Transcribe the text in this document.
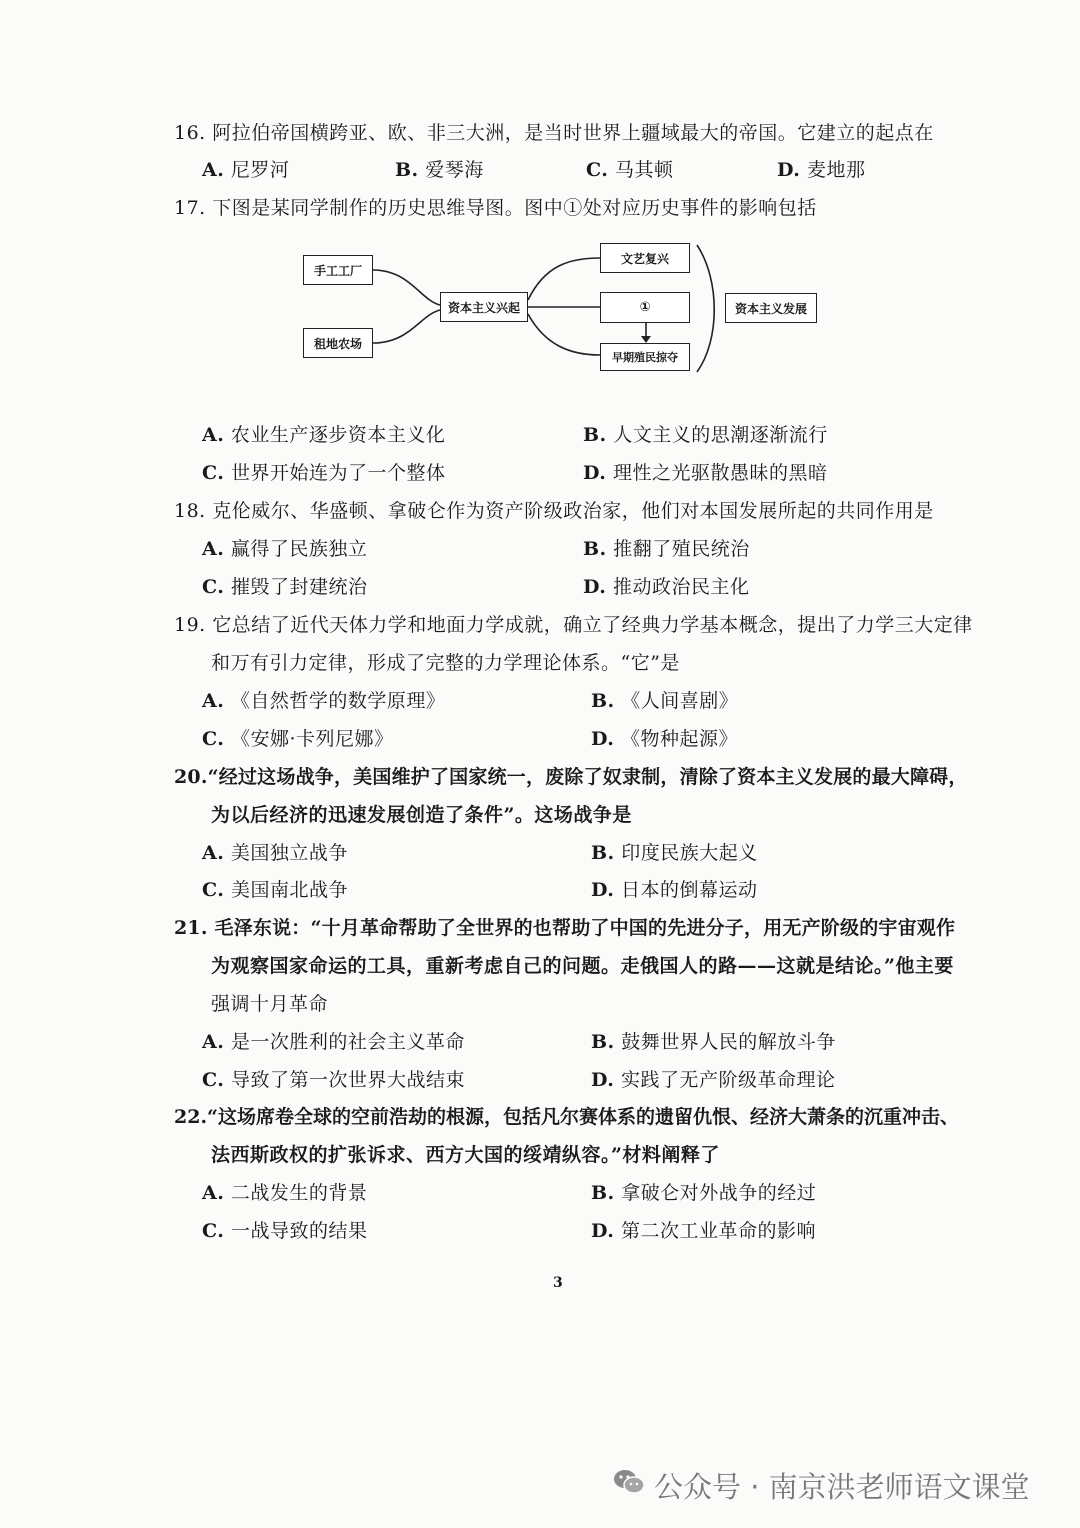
16. 阿拉伯帝国横跨亚、欧、非三大洲，是当时世界上疆域最大的帝国。它建立的起点在
A. 尼罗河	B. 爱琴海	C. 马其顿	D. 麦地那
17. 下图是某同学制作的历史思维导图。图中①处对应历史事件的影响包括
手工工厂
租地农场
资本主义兴起
文艺复兴
①
早期殖民掠夺
资本主义发展
A. 农业生产逐步资本主义化	B. 人文主义的思潮逐渐流行
C. 世界开始连为了一个整体	D. 理性之光驱散愚昧的黑暗
18. 克伦威尔、华盛顿、拿破仑作为资产阶级政治家，他们对本国发展所起的共同作用是
A. 赢得了民族独立	B. 推翻了殖民统治
C. 摧毁了封建统治	D. 推动政治民主化
19. 它总结了近代天体力学和地面力学成就，确立了经典力学基本概念，提出了力学三大定律
和万有引力定律，形成了完整的力学理论体系。“它”是
A. 《自然哲学的数学原理》	B. 《人间喜剧》
C. 《安娜·卡列尼娜》	D. 《物种起源》
20.“经过这场战争，美国维护了国家统一，废除了奴隶制，清除了资本主义发展的最大障碍，
为以后经济的迅速发展创造了条件”。这场战争是
A. 美国独立战争	B. 印度民族大起义
C. 美国南北战争	D. 日本的倒幕运动
21. 毛泽东说：“十月革命帮助了全世界的也帮助了中国的先进分子，用无产阶级的宇宙观作
为观察国家命运的工具，重新考虑自己的问题。走俄国人的路——这就是结论。”他主要
强调十月革命
A. 是一次胜利的社会主义革命	B. 鼓舞世界人民的解放斗争
C. 导致了第一次世界大战结束	D. 实践了无产阶级革命理论
22.“这场席卷全球的空前浩劫的根源，包括凡尔赛体系的遗留仇恨、经济大萧条的沉重冲击、
法西斯政权的扩张诉求、西方大国的绥靖纵容。”材料阐释了
A. 二战发生的背景	B. 拿破仑对外战争的经过
C. 一战导致的结果	D. 第二次工业革命的影响
3
公众号 · 南京洪老师语文课堂
